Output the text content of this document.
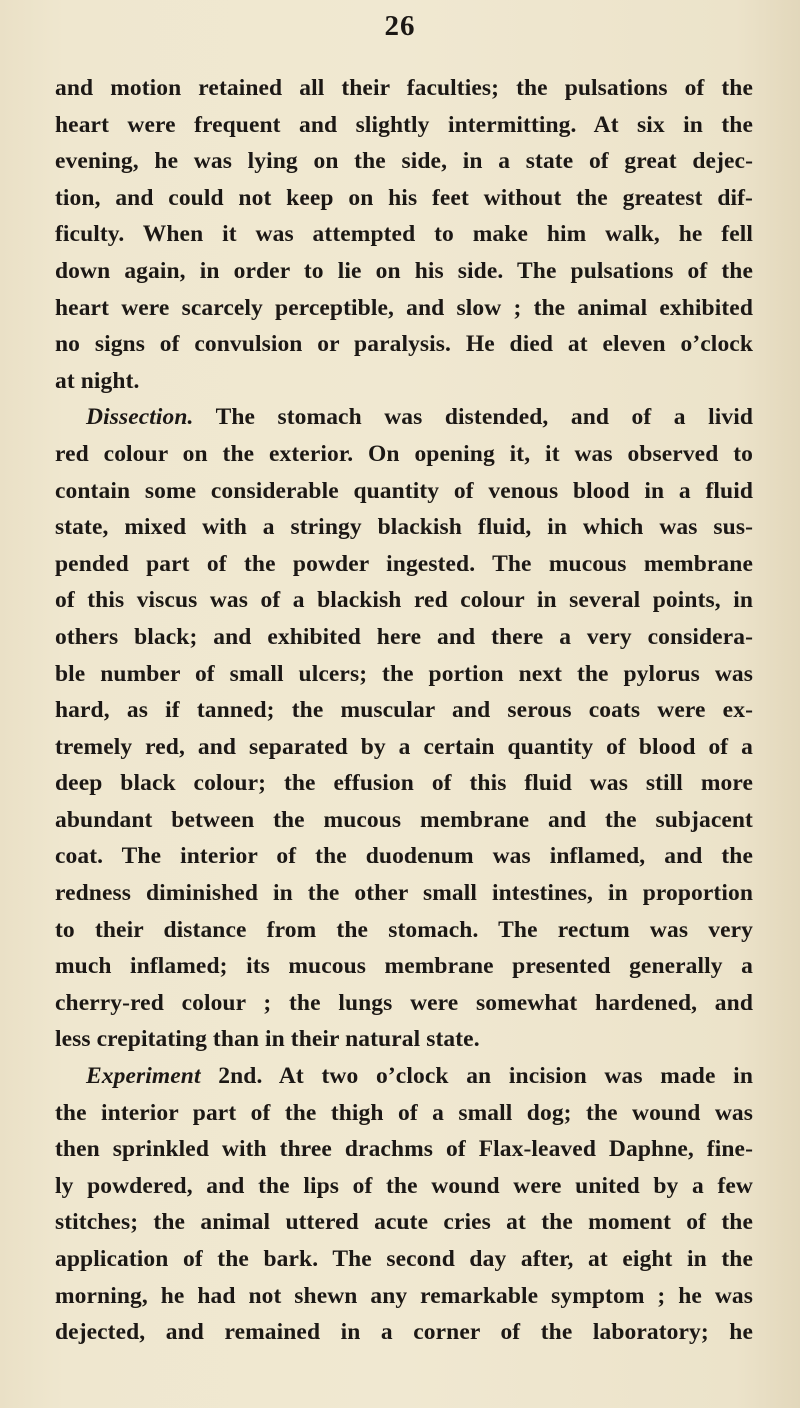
26
and motion retained all their faculties; the pulsations of the
heart were frequent and slightly intermitting. At six in the
evening, he was lying on the side, in a state of great dejec-
tion, and could not keep on his feet without the greatest dif-
ficulty. When it was attempted to make him walk, he fell
down again, in order to lie on his side. The pulsations of the
heart were scarcely perceptible, and slow ; the animal exhibited
no signs of convulsion or paralysis. He died at eleven o’clock
at night.
Dissection. The stomach was distended, and of a livid
red colour on the exterior. On opening it, it was observed to
contain some considerable quantity of venous blood in a fluid
state, mixed with a stringy blackish fluid, in which was sus-
pended part of the powder ingested. The mucous membrane
of this viscus was of a blackish red colour in several points, in
others black; and exhibited here and there a very considera-
ble number of small ulcers; the portion next the pylorus was
hard, as if tanned; the muscular and serous coats were ex-
tremely red, and separated by a certain quantity of blood of a
deep black colour; the effusion of this fluid was still more
abundant between the mucous membrane and the subjacent
coat. The interior of the duodenum was inflamed, and the
redness diminished in the other small intestines, in proportion
to their distance from the stomach. The rectum was very
much inflamed; its mucous membrane presented generally a
cherry-red colour ; the lungs were somewhat hardened, and
less crepitating than in their natural state.
Experiment 2nd. At two o’clock an incision was made in
the interior part of the thigh of a small dog; the wound was
then sprinkled with three drachms of Flax-leaved Daphne, fine-
ly powdered, and the lips of the wound were united by a few
stitches; the animal uttered acute cries at the moment of the
application of the bark. The second day after, at eight in the
morning, he had not shewn any remarkable symptom ; he was
dejected, and remained in a corner of the laboratory; he
